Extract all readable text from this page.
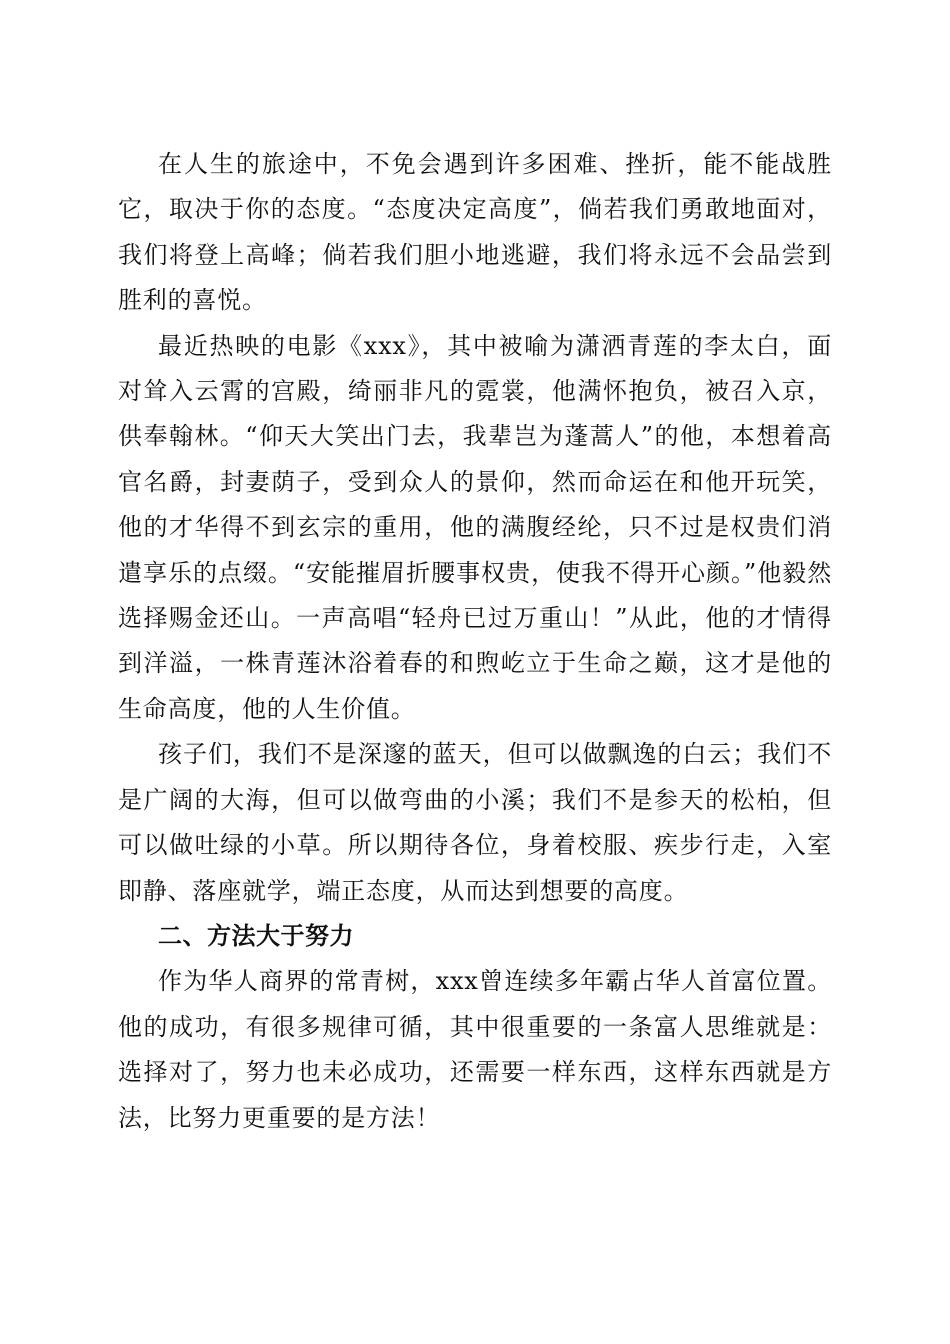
在人生的旅途中，不免会遇到许多困难、挫折，能不能战胜它，取决于你的态度。“态度决定高度”，倘若我们勇敢地面对，我们将登上高峰；倘若我们胆小地逃避，我们将永远不会品尝到胜利的喜悦。

最近热映的电影《xxx》，其中被喻为潇洒青莲的李太白，面对耸入云霄的宫殿，绮丽非凡的霓裳，他满怀抱负，被召入京，供奉翰林。“仰天大笑出门去，我辈岂为蓬蒿人”的他，本想着高官名爵，封妻荫子，受到众人的景仰，然而命运在和他开玩笑，他的才华得不到玄宗的重用，他的满腹经纶，只不过是权贵们消遣享乐的点缀。“安能摧眉折腰事权贵，使我不得开心颜。”他毅然选择赐金还山。一声高唱“轻舟已过万重山！”从此，他的才情得到洋溢，一株青莲沐浴着春的和煦屹立于生命之巅，这才是他的生命高度，他的人生价值。

孩子们，我们不是深邃的蓝天，但可以做飘逸的白云；我们不是广阔的大海，但可以做弯曲的小溪；我们不是参天的松柏，但可以做吐绿的小草。所以期待各位，身着校服、疾步行走，入室即静、落座就学，端正态度，从而达到想要的高度。

二、方法大于努力

作为华人商界的常青树，xxx曾连续多年霸占华人首富位置。他的成功，有很多规律可循，其中很重要的一条富人思维就是：选择对了，努力也未必成功，还需要一样东西，这样东西就是方法，比努力更重要的是方法！
